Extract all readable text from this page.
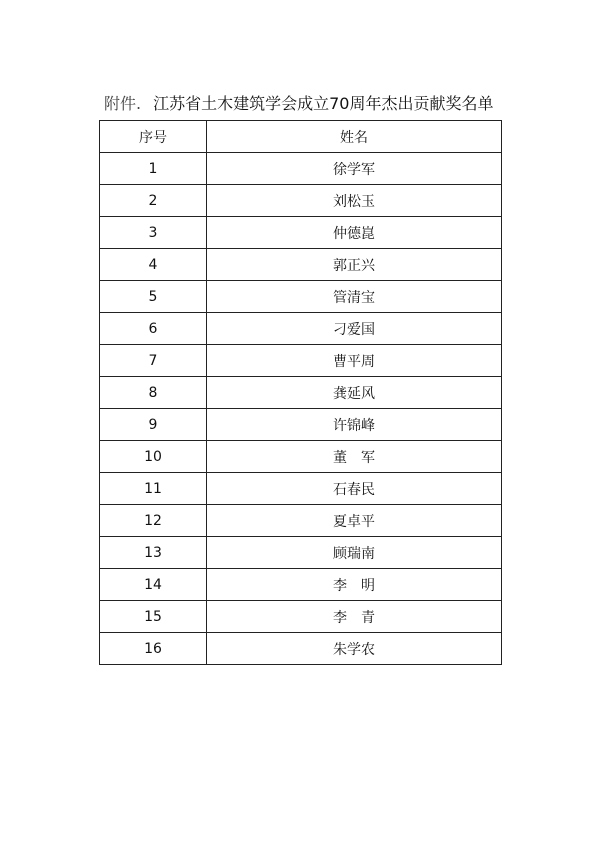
附件. 江苏省土木建筑学会成立70周年杰出贡献奖名单
序号	姓名
1	徐学军
2	刘松玉
3	仲德崑
4	郭正兴
5	管清宝
6	刁爱国
7	曹平周
8	龚延风
9	许锦峰
10	董　军
11	石春民
12	夏卓平
13	顾瑞南
14	李　明
15	李　青
16	朱学农
